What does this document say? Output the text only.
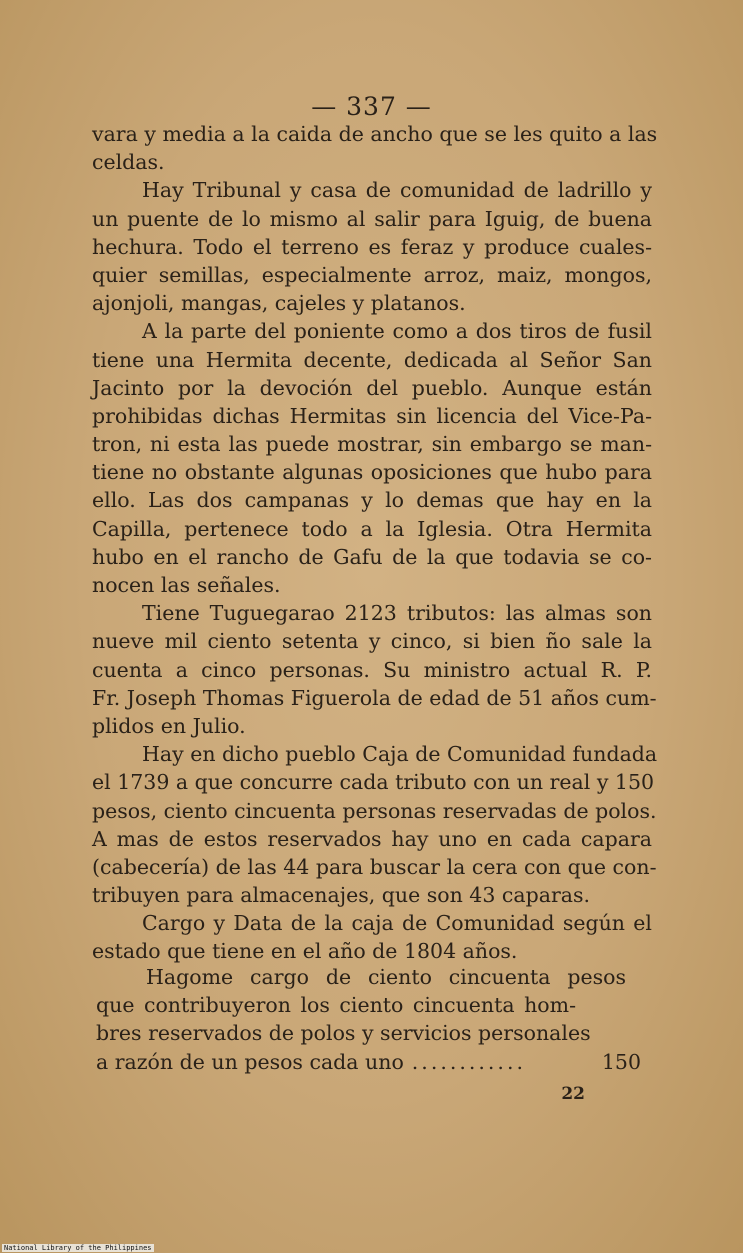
— 337 —
vara y media a la caida de ancho que se les quito a las
celdas.
Hay Tribunal y casa de comunidad de ladrillo y
un puente de lo mismo al salir para Iguig, de buena
hechura. Todo el terreno es feraz y produce cuales-
quier semillas, especialmente arroz, maiz, mongos,
ajonjoli, mangas, cajeles y platanos.
A la parte del poniente como a dos tiros de fusil
tiene una Hermita decente, dedicada al Señor San
Jacinto por la devoción del pueblo. Aunque están
prohibidas dichas Hermitas sin licencia del Vice-Pa-
tron, ni esta las puede mostrar, sin embargo se man-
tiene no obstante algunas oposiciones que hubo para
ello. Las dos campanas y lo demas que hay en la
Capilla, pertenece todo a la Iglesia. Otra Hermita
hubo en el rancho de Gafu de la que todavia se co-
nocen las señales.
Tiene Tuguegarao 2123 tributos: las almas son
nueve mil ciento setenta y cinco, si bien ño sale la
cuenta a cinco personas. Su ministro actual R. P.
Fr. Joseph Thomas Figuerola de edad de 51 años cum-
plidos en Julio.
Hay en dicho pueblo Caja de Comunidad fundada
el 1739 a que concurre cada tributo con un real y 150
pesos, ciento cincuenta personas reservadas de polos.
A mas de estos reservados hay uno en cada capara
(cabecería) de las 44 para buscar la cera con que con-
tribuyen para almacenajes, que son 43 caparas.
Cargo y Data de la caja de Comunidad según el
estado que tiene en el año de 1804 años.
Hagome cargo de ciento cincuenta pesos
que contribuyeron los ciento cincuenta hom-
bres reservados de polos y servicios personales
a razón de un pesos cada uno ............	150
22
National Library of the Philippines
